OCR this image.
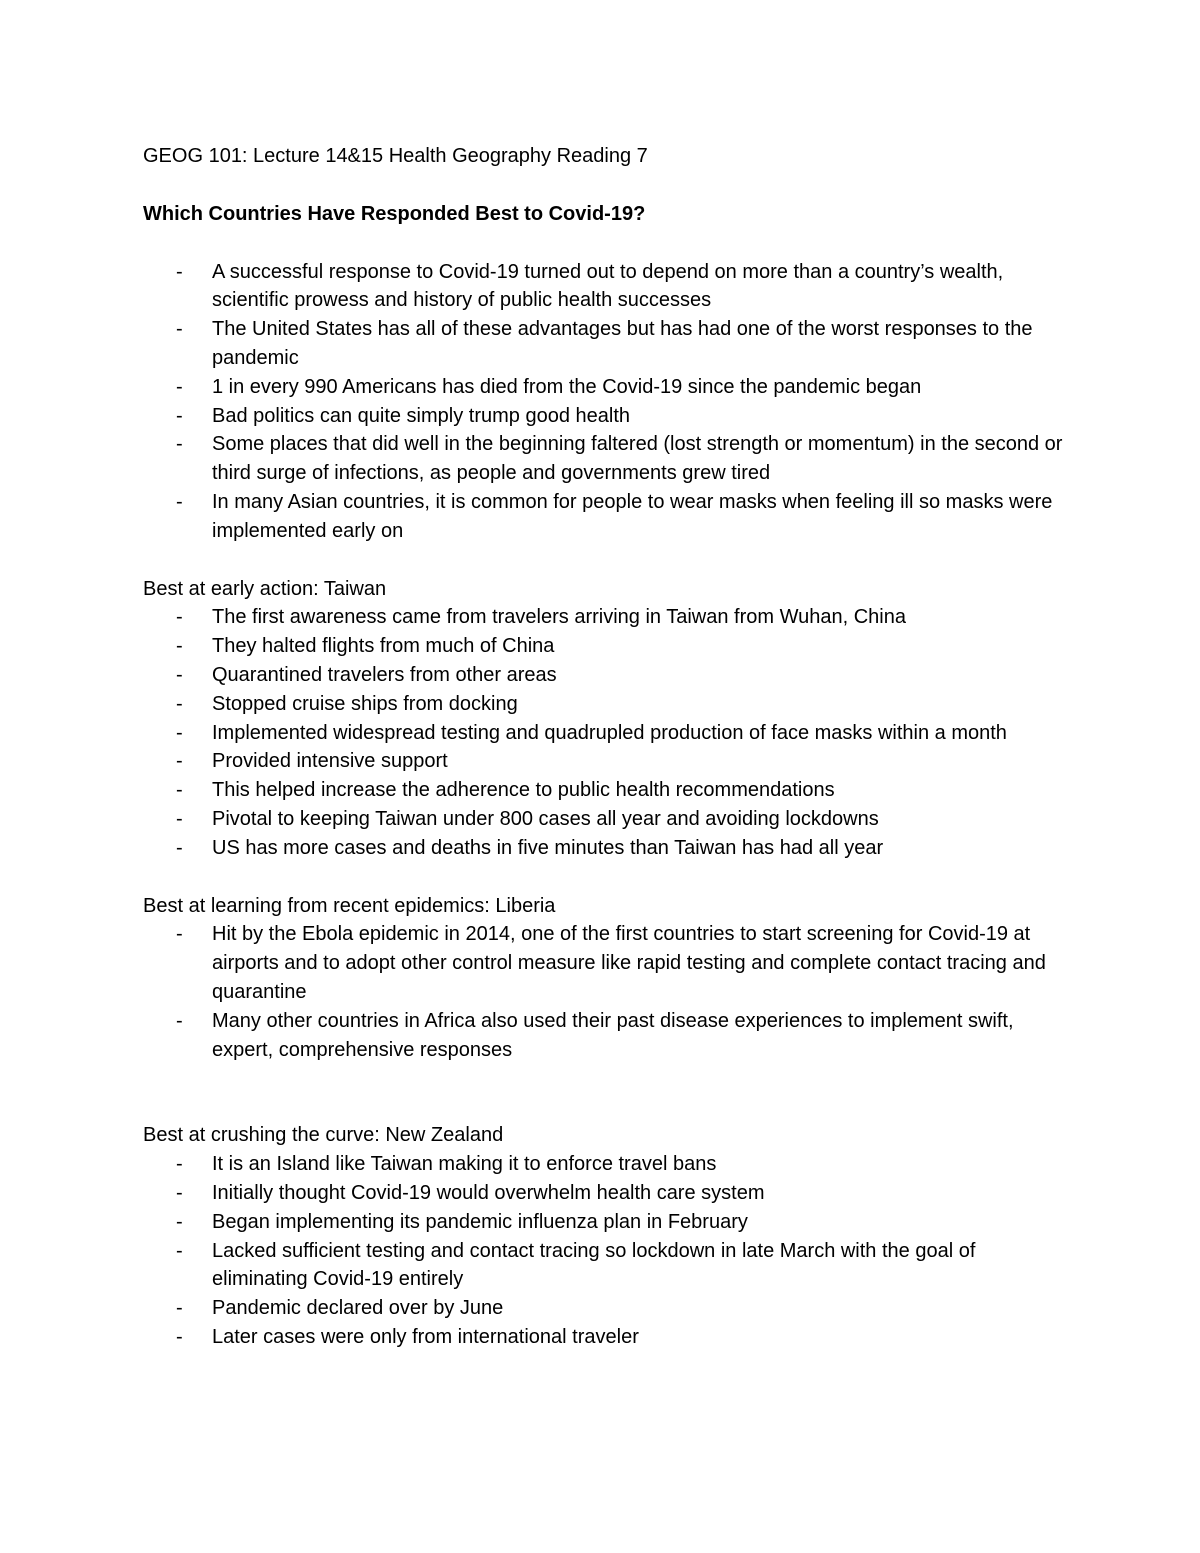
GEOG 101: Lecture 14&15 Health Geography Reading 7

Which Countries Have Responded Best to Covid-19?

- A successful response to Covid-19 turned out to depend on more than a country’s wealth, scientific prowess and history of public health successes
- The United States has all of these advantages but has had one of the worst responses to the pandemic
- 1 in every 990 Americans has died from the Covid-19 since the pandemic began
- Bad politics can quite simply trump good health
- Some places that did well in the beginning faltered (lost strength or momentum) in the second or third surge of infections, as people and governments grew tired
- In many Asian countries, it is common for people to wear masks when feeling ill so masks were implemented early on

Best at early action: Taiwan

- The first awareness came from travelers arriving in Taiwan from Wuhan, China
- They halted flights from much of China
- Quarantined travelers from other areas
- Stopped cruise ships from docking
- Implemented widespread testing and quadrupled production of face masks within a month
- Provided intensive support
- This helped increase the adherence to public health recommendations
- Pivotal to keeping Taiwan under 800 cases all year and avoiding lockdowns
- US has more cases and deaths in five minutes than Taiwan has had all year

Best at learning from recent epidemics: Liberia

- Hit by the Ebola epidemic in 2014, one of the first countries to start screening for Covid-19 at airports and to adopt other control measure like rapid testing and complete contact tracing and quarantine
- Many other countries in Africa also used their past disease experiences to implement swift, expert, comprehensive responses

Best at crushing the curve: New Zealand

- It is an Island like Taiwan making it to enforce travel bans
- Initially thought Covid-19 would overwhelm health care system
- Began implementing its pandemic influenza plan in February
- Lacked sufficient testing and contact tracing so lockdown in late March with the goal of eliminating Covid-19 entirely
- Pandemic declared over by June
- Later cases were only from international traveler
